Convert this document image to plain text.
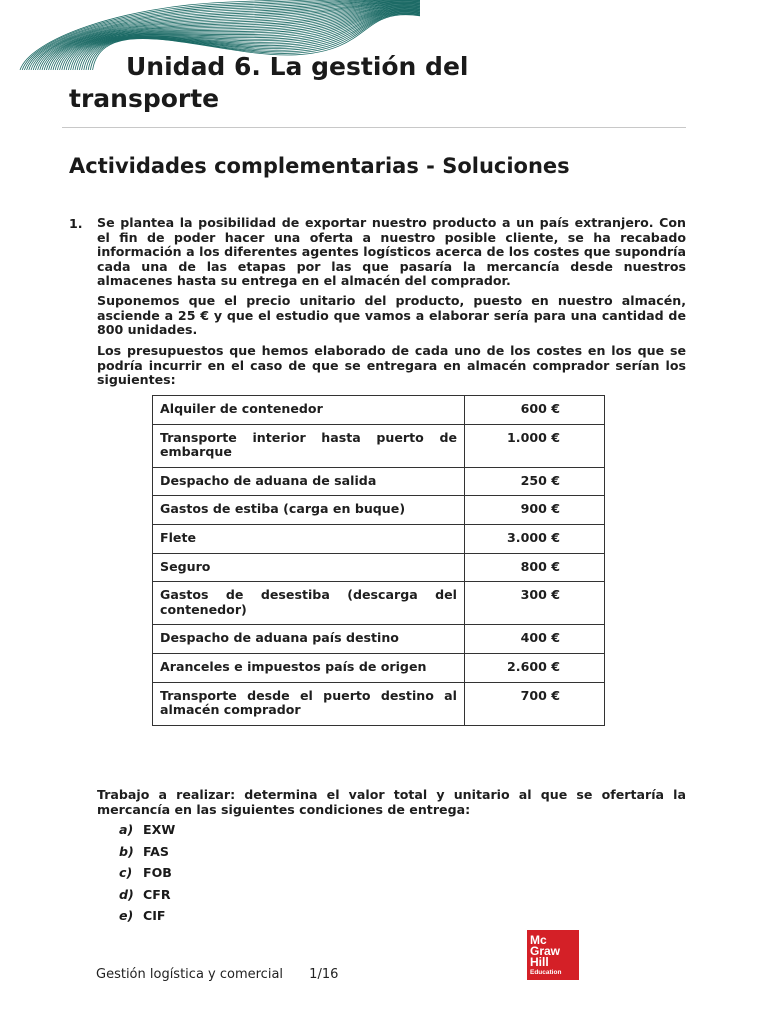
Unidad 6. La gestión del
transporte
Actividades complementarias - Soluciones
1. Se plantea la posibilidad de exportar nuestro producto a un país extranjero. Con el fin de poder hacer una oferta a nuestro posible cliente, se ha recabado información a los diferentes agentes logísticos acerca de los costes que supondría cada una de las etapas por las que pasaría la mercancía desde nuestros almacenes hasta su entrega en el almacén del comprador.
Suponemos que el precio unitario del producto, puesto en nuestro almacén, asciende a 25 € y que el estudio que vamos a elaborar sería para una cantidad de 800 unidades.
Los presupuestos que hemos elaborado de cada uno de los costes en los que se podría incurrir en el caso de que se entregara en almacén comprador serían los siguientes:
Alquiler de contenedor	600 €
Transporte interior hasta puerto de embarque	1.000 €
Despacho de aduana de salida	250 €
Gastos de estiba (carga en buque)	900 €
Flete	3.000 €
Seguro	800 €
Gastos de desestiba (descarga del contenedor)	300 €
Despacho de aduana país destino	400 €
Aranceles e impuestos país de origen	2.600 €
Transporte desde el puerto destino al almacén comprador	700 €
Trabajo a realizar: determina el valor total y unitario al que se ofertaría la mercancía en las siguientes condiciones de entrega:
a) EXW
b) FAS
c) FOB
d) CFR
e) CIF
Gestión logística y comercial 1/16
Mc
Graw
Hill
Education
